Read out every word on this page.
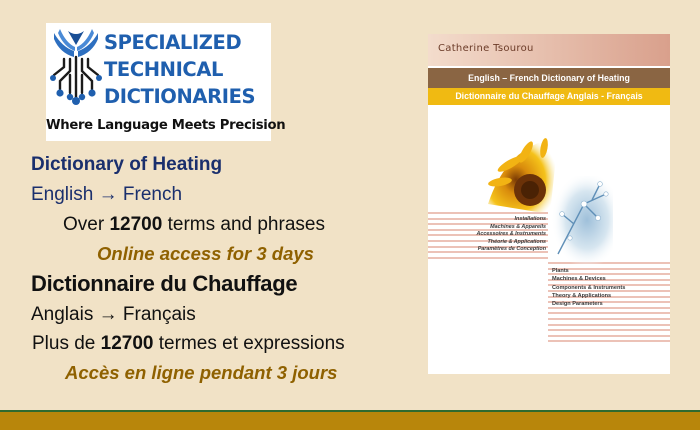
SPECIALIZED
TECHNICAL
DICTIONARIES
Where Language Meets Precision
Dictionary of Heating
English → French
Over 12700 terms and phrases
Online access for 3 days
Dictionnaire du Chauffage
Anglais → Français
Plus de 12700 termes et expressions
Accès en ligne pendant 3 jours
Catherine Tsourou
English – French Dictionary of Heating
Dictionnaire du Chauffage Anglais - Français
Installations
Machines & Appareils
Accessoires & Instruments
Théorie & Applications
Paramètres de Conception
Plants
Machines & Devices
Components & Instruments
Theory & Applications
Design Parameters
